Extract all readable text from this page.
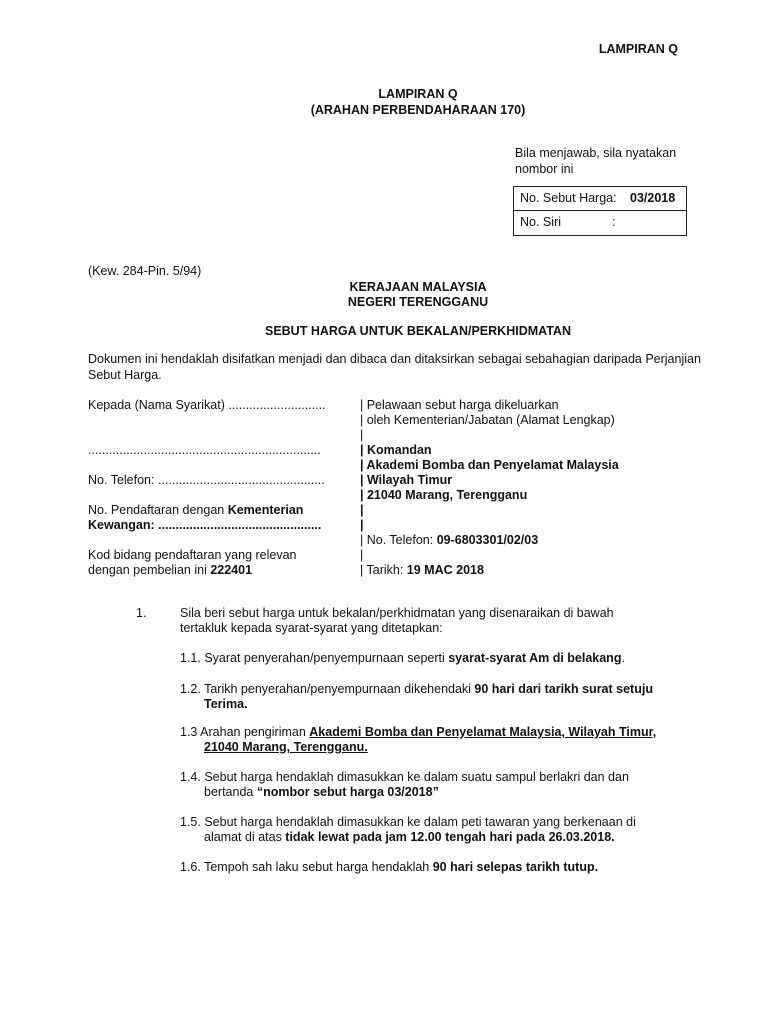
LAMPIRAN Q
LAMPIRAN Q
(ARAHAN PERBENDAHARAAN 170)
Bila menjawab, sila nyatakan
nombor ini
No. Sebut Harga: 03/2018
No. Siri	:
(Kew. 284-Pin. 5/94)
KERAJAAN MALAYSIA
NEGERI TERENGGANU
SEBUT HARGA UNTUK BEKALAN/PERKHIDMATAN
Dokumen ini hendaklah disifatkan menjadi dan dibaca dan ditaksirkan sebagai sebahagian daripada Perjanjian Sebut Harga.
Kepada (Nama Syarikat) ............................
...................................................................
No. Telefon: ................................................
No. Pendaftaran dengan Kementerian
Kewangan: ...............................................
Kod bidang pendaftaran yang relevan
dengan pembelian ini 222401
| Pelawaan sebut harga dikeluarkan
| oleh Kementerian/Jabatan (Alamat Lengkap)
|
| Komandan
| Akademi Bomba dan Penyelamat Malaysia
| Wilayah Timur
| 21040 Marang, Terengganu
|
|
| No. Telefon: 09-6803301/02/03
|
| Tarikh: 19 MAC 2018
1.	Sila beri sebut harga untuk bekalan/perkhidmatan yang disenaraikan di bawah
tertakluk kepada syarat-syarat yang ditetapkan:
1.1. Syarat penyerahan/penyempurnaan seperti syarat-syarat Am di belakang.
1.2. Tarikh penyerahan/penyempurnaan dikehendaki 90 hari dari tarikh surat setuju
Terima.
1.3 Arahan pengiriman Akademi Bomba dan Penyelamat Malaysia, Wilayah Timur,
21040 Marang, Terengganu.
1.4. Sebut harga hendaklah dimasukkan ke dalam suatu sampul berlakri dan dan
bertanda “nombor sebut harga 03/2018”
1.5. Sebut harga hendaklah dimasukkan ke dalam peti tawaran yang berkenaan di
alamat di atas tidak lewat pada jam 12.00 tengah hari pada 26.03.2018.
1.6. Tempoh sah laku sebut harga hendaklah 90 hari selepas tarikh tutup.
